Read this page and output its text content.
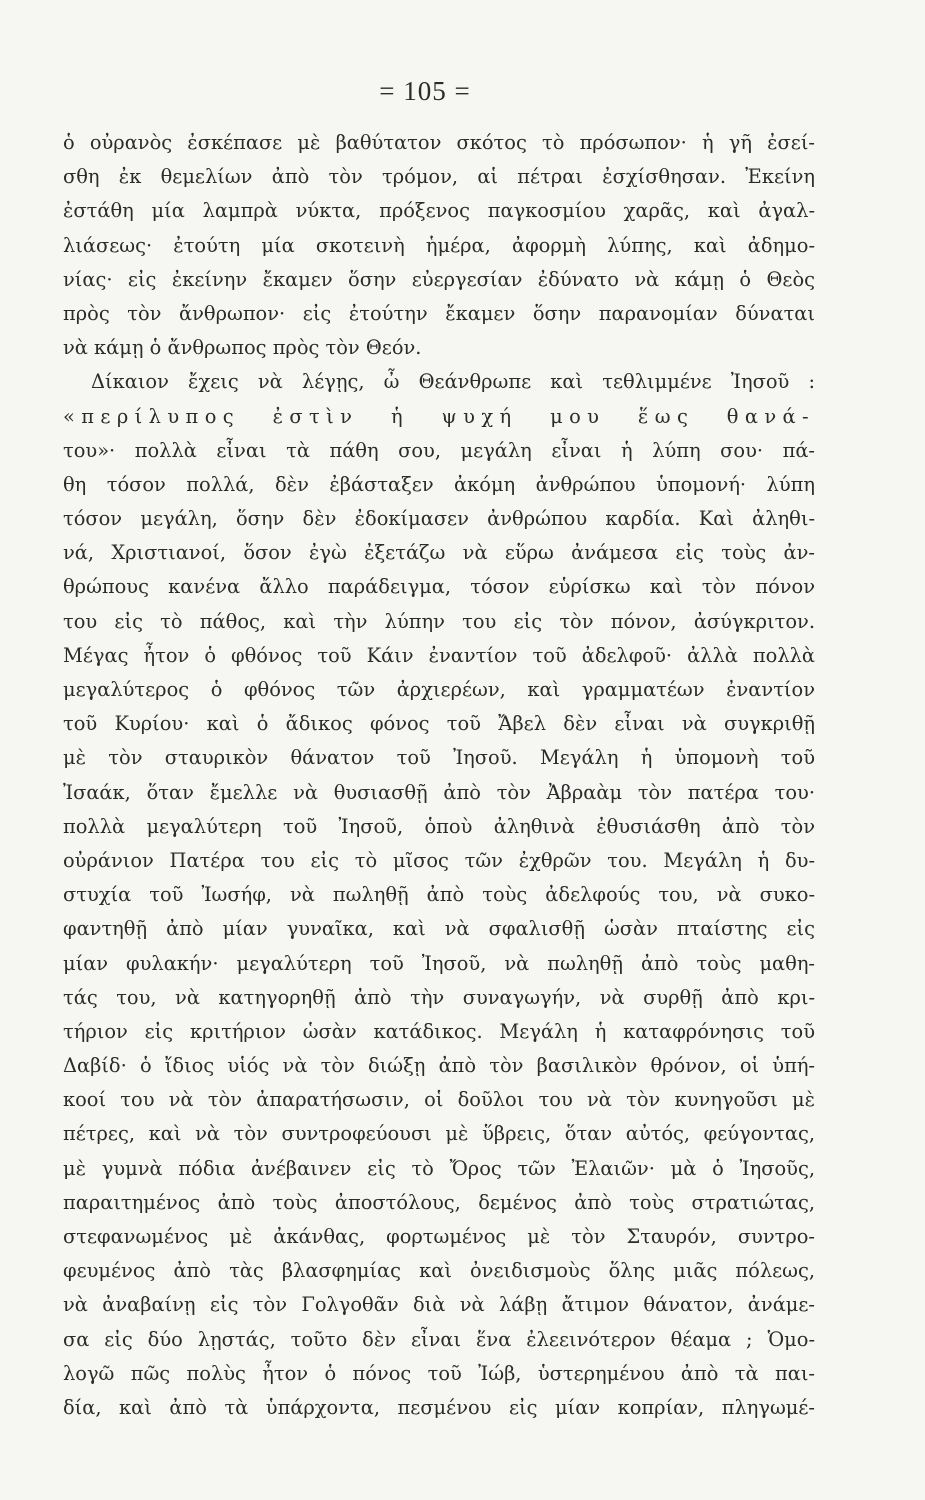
= 105 =
ὁ οὐρανὸς ἐσκέπασε μὲ βαθύτατον σκότος τὸ πρόσωπον· ἡ γῆ ἐσεί-
σθη ἐκ θεμελίων ἀπὸ τὸν τρόμον, αἱ πέτραι ἐσχίσθησαν. Ἐκείνη
ἐστάθη μία λαμπρὰ νύκτα, πρόξενος παγκοσμίου χαρᾶς, καὶ ἀγαλ-
λιάσεως· ἐτούτη μία σκοτεινὴ ἡμέρα, ἀφορμὴ λύπης, καὶ ἀδημο-
νίας· εἰς ἐκείνην ἔκαμεν ὅσην εὐεργεσίαν ἐδύνατο νὰ κάμῃ ὁ Θεὸς
πρὸς τὸν ἄνθρωπον· εἰς ἐτούτην ἔκαμεν ὅσην παρανομίαν δύναται
νὰ κάμῃ ὁ ἄνθρωπος πρὸς τὸν Θεόν.
Δίκαιον ἔχεις νὰ λέγῃς, ὦ Θεάνθρωπε καὶ τεθλιμμένε Ἰησοῦ :
«περίλυπος ἐστὶν ἡ ψυχή μου ἕως θανά-
του»· πολλὰ εἶναι τὰ πάθη σου, μεγάλη εἶναι ἡ λύπη σου· πά-
θη τόσον πολλά, δὲν ἐβάσταξεν ἀκόμη ἀνθρώπου ὑπομονή· λύπη
τόσον μεγάλη, ὅσην δὲν ἐδοκίμασεν ἀνθρώπου καρδία. Καὶ ἀληθι-
νά, Χριστιανοί, ὅσον ἐγὼ ἐξετάζω νὰ εὕρω ἀνάμεσα εἰς τοὺς ἀν-
θρώπους κανένα ἄλλο παράδειγμα, τόσον εὑρίσκω καὶ τὸν πόνον
του εἰς τὸ πάθος, καὶ τὴν λύπην του εἰς τὸν πόνον, ἀσύγκριτον.
Μέγας ἦτον ὁ φθόνος τοῦ Κάιν ἐναντίον τοῦ ἀδελφοῦ· ἀλλὰ πολλὰ
μεγαλύτερος ὁ φθόνος τῶν ἀρχιερέων, καὶ γραμματέων ἐναντίον
τοῦ Κυρίου· καὶ ὁ ἄδικος φόνος τοῦ Ἄβελ δὲν εἶναι νὰ συγκριθῇ
μὲ τὸν σταυρικὸν θάνατον τοῦ Ἰησοῦ. Μεγάλη ἡ ὑπομονὴ τοῦ
Ἰσαάκ, ὅταν ἔμελλε νὰ θυσιασθῇ ἀπὸ τὸν Ἀβραὰμ τὸν πατέρα του·
πολλὰ μεγαλύτερη τοῦ Ἰησοῦ, ὁποὺ ἀληθινὰ ἐθυσιάσθη ἀπὸ τὸν
οὐράνιον Πατέρα του εἰς τὸ μῖσος τῶν ἐχθρῶν του. Μεγάλη ἡ δυ-
στυχία τοῦ Ἰωσήφ, νὰ πωληθῇ ἀπὸ τοὺς ἀδελφούς του, νὰ συκο-
φαντηθῇ ἀπὸ μίαν γυναῖκα, καὶ νὰ σφαλισθῇ ὡσὰν πταίστης εἰς
μίαν φυλακήν· μεγαλύτερη τοῦ Ἰησοῦ, νὰ πωληθῇ ἀπὸ τοὺς μαθη-
τάς του, νὰ κατηγορηθῇ ἀπὸ τὴν συναγωγήν, νὰ συρθῇ ἀπὸ κρι-
τήριον εἰς κριτήριον ὡσὰν κατάδικος. Μεγάλη ἡ καταφρόνησις τοῦ
Δαβίδ· ὁ ἴδιος υἱός νὰ τὸν διώξῃ ἀπὸ τὸν βασιλικὸν θρόνον, οἱ ὑπή-
κοοί του νὰ τὸν ἀπαρατήσωσιν, οἱ δοῦλοι του νὰ τὸν κυνηγοῦσι μὲ
πέτρες, καὶ νὰ τὸν συντροφεύουσι μὲ ὕβρεις, ὅταν αὐτός, φεύγοντας,
μὲ γυμνὰ πόδια ἀνέβαινεν εἰς τὸ Ὄρος τῶν Ἐλαιῶν· μὰ ὁ Ἰησοῦς,
παραιτημένος ἀπὸ τοὺς ἀποστόλους, δεμένος ἀπὸ τοὺς στρατιώτας,
στεφανωμένος μὲ ἀκάνθας, φορτωμένος μὲ τὸν Σταυρόν, συντρο-
φευμένος ἀπὸ τὰς βλασφημίας καὶ ὀνειδισμοὺς ὅλης μιᾶς πόλεως,
νὰ ἀναβαίνῃ εἰς τὸν Γολγοθᾶν διὰ νὰ λάβῃ ἄτιμον θάνατον, ἀνάμε-
σα εἰς δύο λῃστάς, τοῦτο δὲν εἶναι ἕνα ἐλεεινότερον θέαμα ; Ὁμο-
λογῶ πῶς πολὺς ἦτον ὁ πόνος τοῦ Ἰώβ, ὑστερημένου ἀπὸ τὰ παι-
δία, καὶ ἀπὸ τὰ ὑπάρχοντα, πεσμένου εἰς μίαν κοπρίαν, πληγωμέ-
